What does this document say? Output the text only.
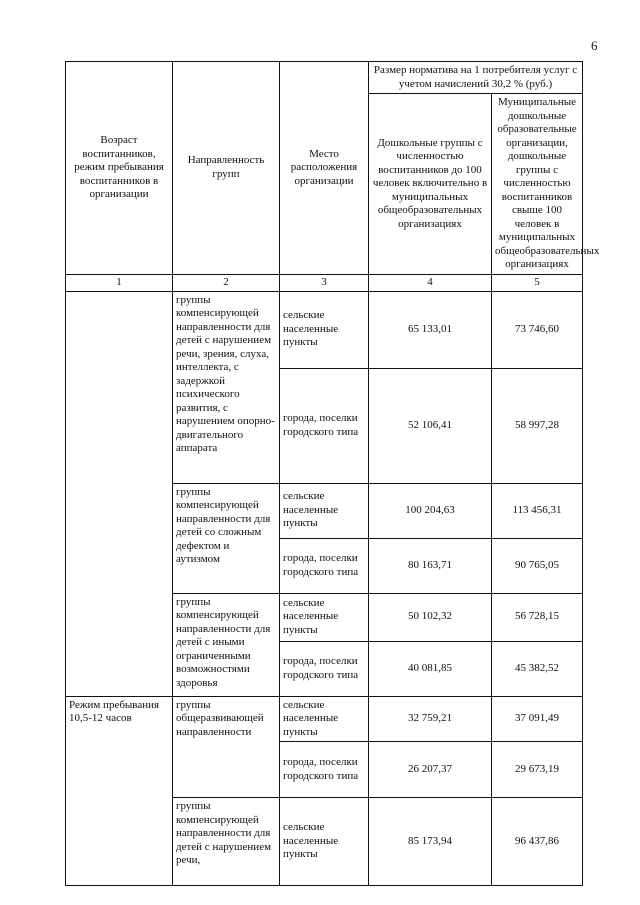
6
Возраст воспитанников, режим пребывания воспитанников в организации	Направленность групп	Место расположения организации	Размер норматива на 1 потребителя услуг с учетом начислений 30,2 % (руб.)	
			Дошкольные группы с численностью воспитанников до 100 человек включительно в муниципальных общеобразовательных организациях	Муниципальные дошкольные образовательные организации, дошкольные группы с численностью воспитанников свыше 100 человек в муниципальных общеобразовательных организациях
1	2	3	4	5
	группы компенсирующей направленности для детей с нарушением речи, зрения, слуха, интеллекта, с задержкой психического развития, с нарушением опорно-двигательного аппарата	сельские населенные пункты	65 133,01	73 746,60
		города, поселки городского типа	52 106,41	58 997,28
	группы компенсирующей направленности для детей со сложным дефектом и аутизмом	сельские населенные пункты	100 204,63	113 456,31
		города, поселки городского типа	80 163,71	90 765,05
	группы компенсирующей направленности для детей с иными ограниченными возможностями здоровья	сельские населенные пункты	50 102,32	56 728,15
		города, поселки городского типа	40 081,85	45 382,52
Режим пребывания 10,5-12 часов	группы общеразвивающей направленности	сельские населенные пункты	32 759,21	37 091,49
		города, поселки городского типа	26 207,37	29 673,19
	группы компенсирующей направленности для детей с нарушением речи,	сельские населенные пункты	85 173,94	96 437,86
